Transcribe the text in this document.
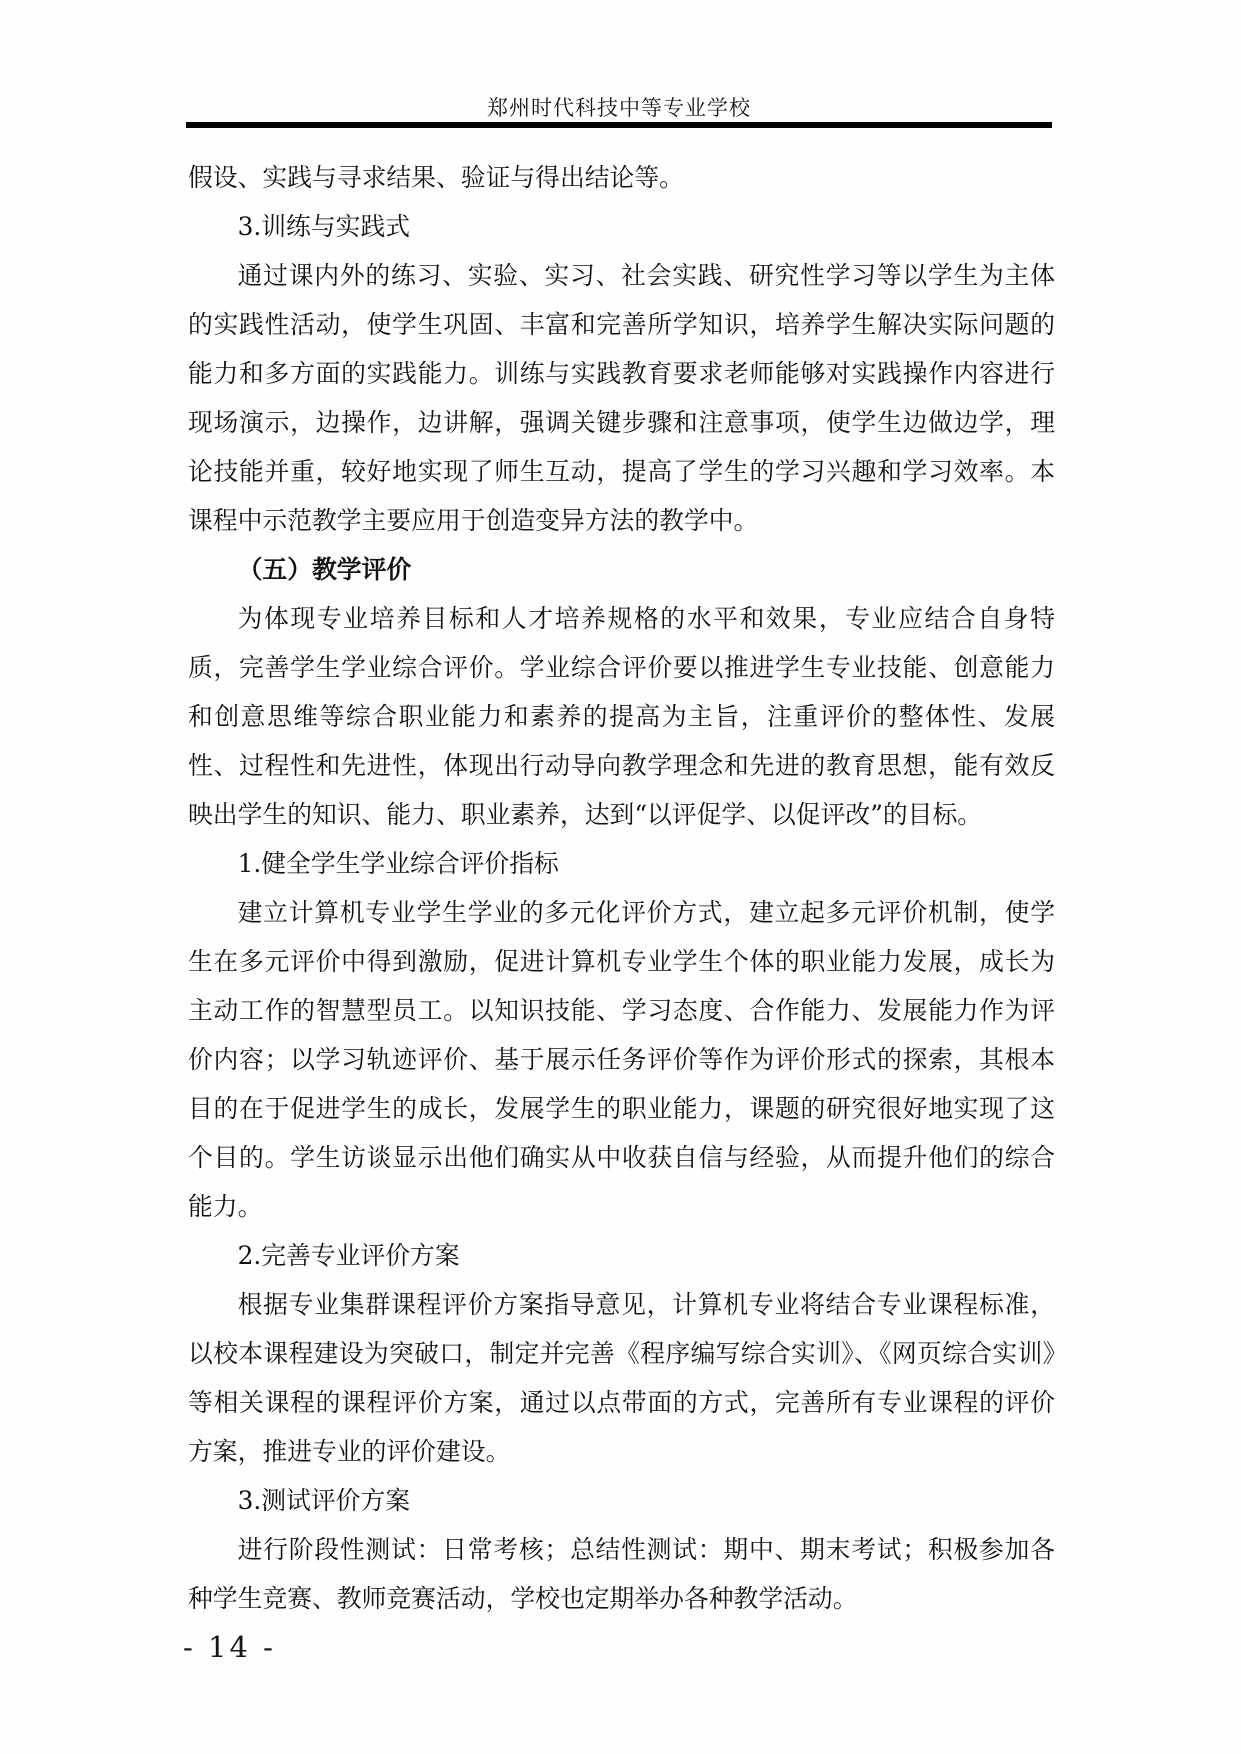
郑州时代科技中等专业学校

假设、实践与寻求结果、验证与得出结论等。

3.训练与实践式

通过课内外的练习、实验、实习、社会实践、研究性学习等以学生为主体的实践性活动，使学生巩固、丰富和完善所学知识，培养学生解决实际问题的能力和多方面的实践能力。训练与实践教育要求老师能够对实践操作内容进行现场演示，边操作，边讲解，强调关键步骤和注意事项，使学生边做边学，理论技能并重，较好地实现了师生互动，提高了学生的学习兴趣和学习效率。本课程中示范教学主要应用于创造变异方法的教学中。

（五）教学评价

为体现专业培养目标和人才培养规格的水平和效果，专业应结合自身特质，完善学生学业综合评价。学业综合评价要以推进学生专业技能、创意能力和创意思维等综合职业能力和素养的提高为主旨，注重评价的整体性、发展性、过程性和先进性，体现出行动导向教学理念和先进的教育思想，能有效反映出学生的知识、能力、职业素养，达到“以评促学、以促评改”的目标。

1.健全学生学业综合评价指标

建立计算机专业学生学业的多元化评价方式，建立起多元评价机制，使学生在多元评价中得到激励，促进计算机专业学生个体的职业能力发展，成长为主动工作的智慧型员工。以知识技能、学习态度、合作能力、发展能力作为评价内容；以学习轨迹评价、基于展示任务评价等作为评价形式的探索，其根本目的在于促进学生的成长，发展学生的职业能力，课题的研究很好地实现了这个目的。学生访谈显示出他们确实从中收获自信与经验，从而提升他们的综合能力。

2.完善专业评价方案

根据专业集群课程评价方案指导意见，计算机专业将结合专业课程标准，以校本课程建设为突破口，制定并完善《程序编写综合实训》、《网页综合实训》等相关课程的课程评价方案，通过以点带面的方式，完善所有专业课程的评价方案，推进专业的评价建设。

3.测试评价方案

进行阶段性测试：日常考核；总结性测试：期中、期末考试；积极参加各种学生竞赛、教师竞赛活动，学校也定期举办各种教学活动。

- 14 -
